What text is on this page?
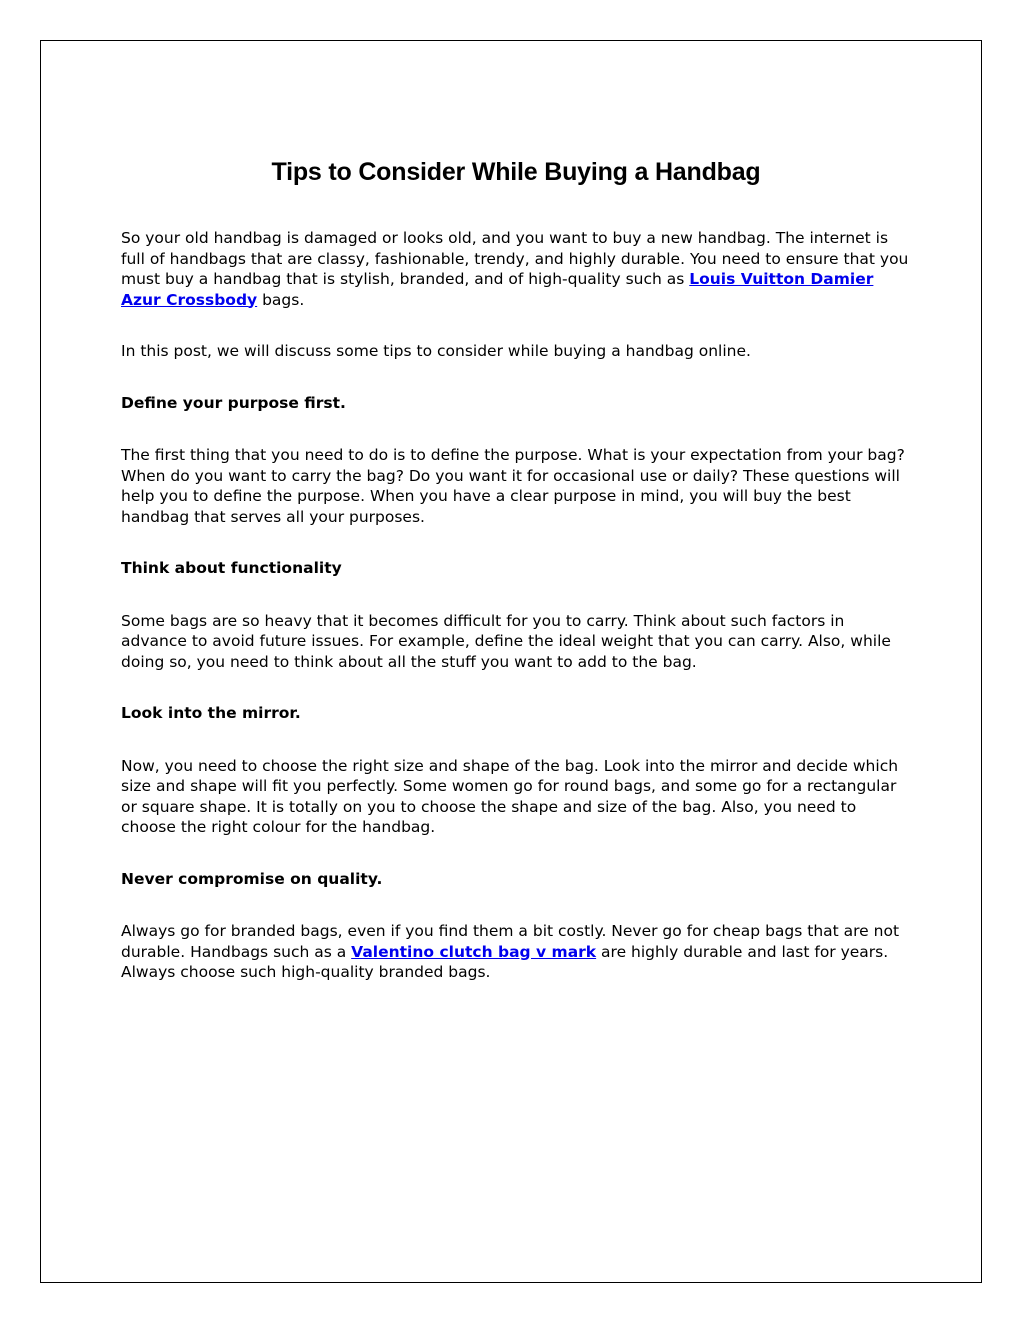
Tips to Consider While Buying a Handbag

So your old handbag is damaged or looks old, and you want to buy a new handbag. The internet is full of handbags that are classy, fashionable, trendy, and highly durable. You need to ensure that you must buy a handbag that is stylish, branded, and of high-quality such as Louis Vuitton Damier Azur Crossbody bags.

In this post, we will discuss some tips to consider while buying a handbag online.

Define your purpose first.

The first thing that you need to do is to define the purpose. What is your expectation from your bag? When do you want to carry the bag? Do you want it for occasional use or daily? These questions will help you to define the purpose. When you have a clear purpose in mind, you will buy the best handbag that serves all your purposes.

Think about functionality

Some bags are so heavy that it becomes difficult for you to carry. Think about such factors in advance to avoid future issues. For example, define the ideal weight that you can carry. Also, while doing so, you need to think about all the stuff you want to add to the bag.

Look into the mirror.

Now, you need to choose the right size and shape of the bag. Look into the mirror and decide which size and shape will fit you perfectly. Some women go for round bags, and some go for a rectangular or square shape. It is totally on you to choose the shape and size of the bag. Also, you need to choose the right colour for the handbag.

Never compromise on quality.

Always go for branded bags, even if you find them a bit costly. Never go for cheap bags that are not durable. Handbags such as a Valentino clutch bag v mark are highly durable and last for years. Always choose such high-quality branded bags.
